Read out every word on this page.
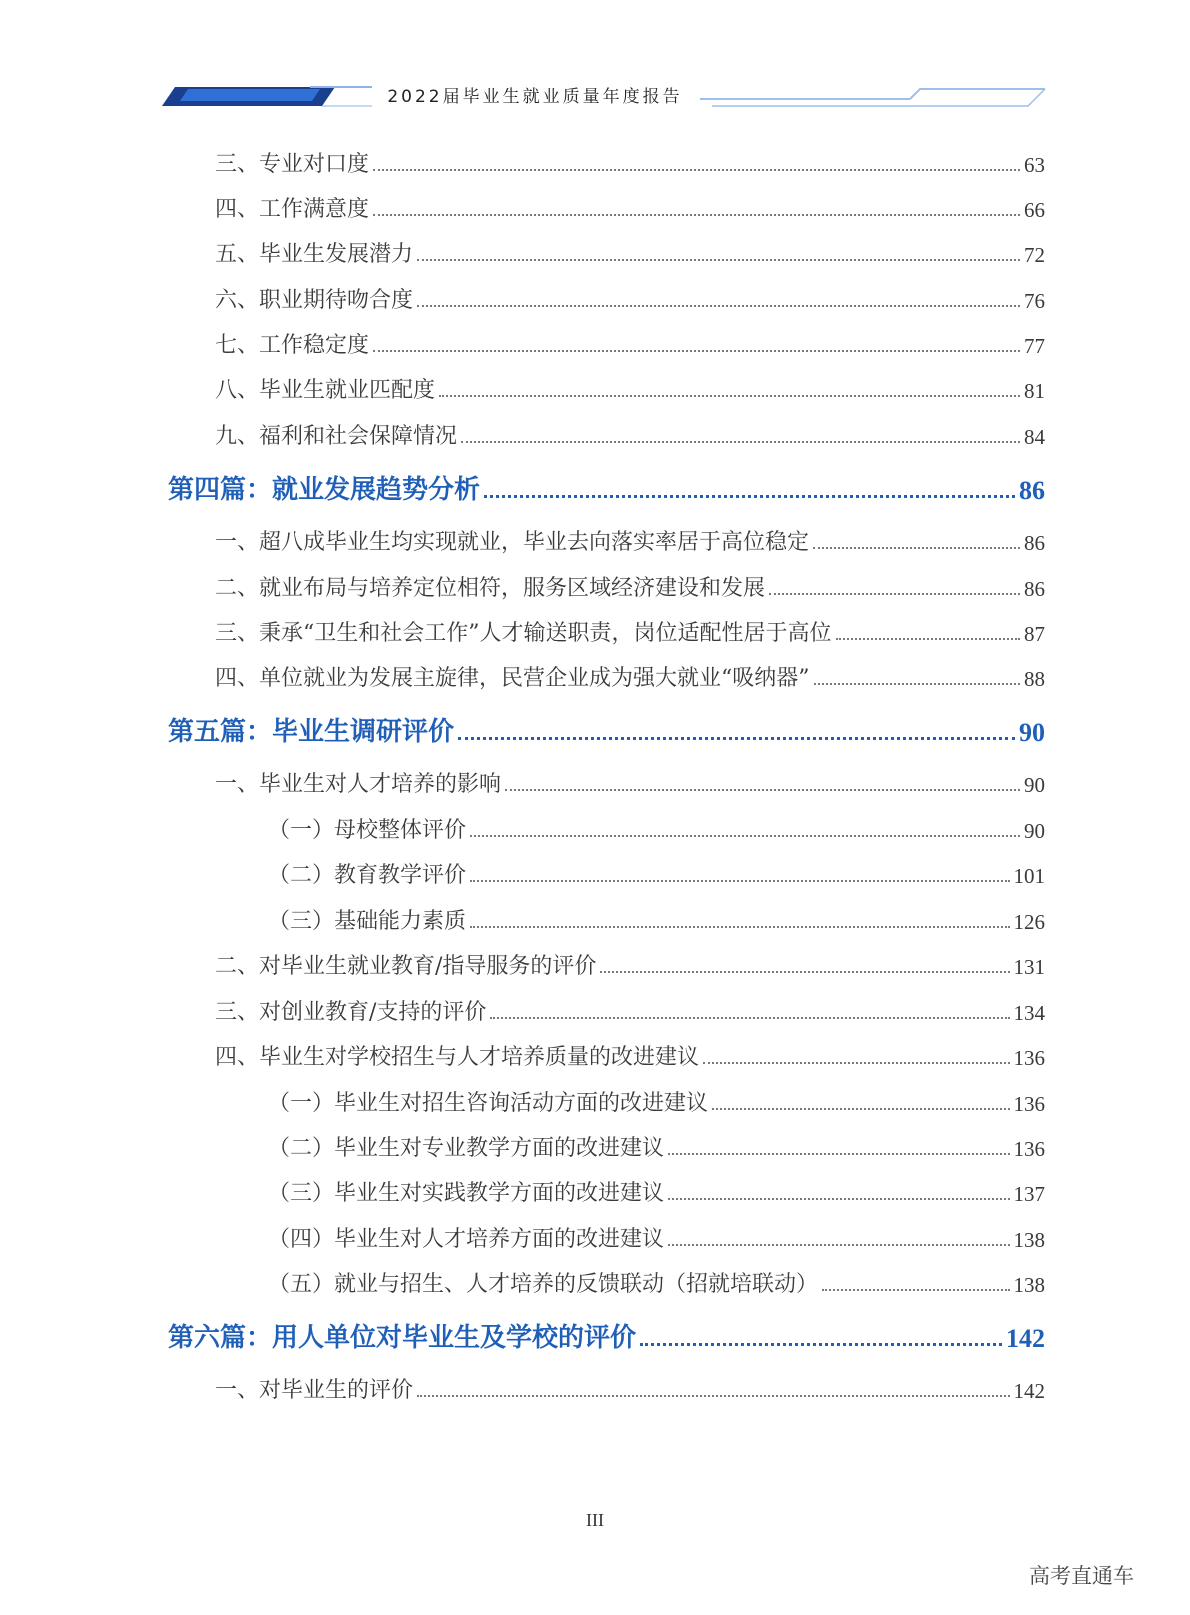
2022届毕业生就业质量年度报告
三、专业对口度	63
四、工作满意度	66
五、毕业生发展潜力	72
六、职业期待吻合度	76
七、工作稳定度	77
八、毕业生就业匹配度	81
九、福利和社会保障情况	84
第四篇：就业发展趋势分析	86
一、超八成毕业生均实现就业，毕业去向落实率居于高位稳定	86
二、就业布局与培养定位相符，服务区域经济建设和发展	86
三、秉承“卫生和社会工作”人才输送职责，岗位适配性居于高位	87
四、单位就业为发展主旋律，民营企业成为强大就业“吸纳器”	88
第五篇：毕业生调研评价	90
一、毕业生对人才培养的影响	90
（一）母校整体评价	90
（二）教育教学评价	101
（三）基础能力素质	126
二、对毕业生就业教育/指导服务的评价	131
三、对创业教育/支持的评价	134
四、毕业生对学校招生与人才培养质量的改进建议	136
（一）毕业生对招生咨询活动方面的改进建议	136
（二）毕业生对专业教学方面的改进建议	136
（三）毕业生对实践教学方面的改进建议	137
（四）毕业生对人才培养方面的改进建议	138
（五）就业与招生、人才培养的反馈联动（招就培联动）	138
第六篇：用人单位对毕业生及学校的评价	142
一、对毕业生的评价	142
III
高考直通车
